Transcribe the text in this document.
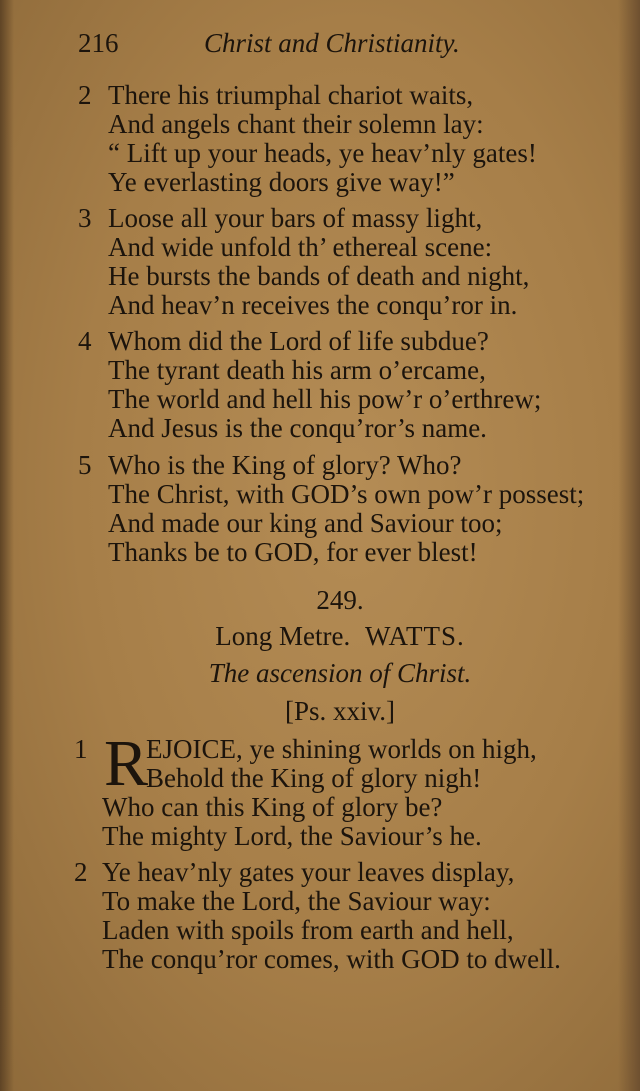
216	Christ and Christianity.
2 There his triumphal chariot waits,
And angels chant their solemn lay:
“ Lift up your heads, ye heav’nly gates!
Ye everlasting doors give way!”
3 Loose all your bars of massy light,
And wide unfold th’ ethereal scene:
He bursts the bands of death and night,
And heav’n receives the conqu’ror in.
4 Whom did the Lord of life subdue?
The tyrant death his arm o’ercame,
The world and hell his pow’r o’erthrew;
And Jesus is the conqu’ror’s name.
5 Who is the King of glory? Who?
The Christ, with GOD’s own pow’r possest;
And made our king and Saviour too;
Thanks be to GOD, for ever blest!
249.
Long Metre. WATTS.
The ascension of Christ.
[Ps. xxiv.]
1 EJOICE, ye shining worlds on high,
Behold the King of glory nigh!
Who can this King of glory be?
The mighty Lord, the Saviour’s he.
R
2 Ye heav’nly gates your leaves display,
To make the Lord, the Saviour way:
Laden with spoils from earth and hell,
The conqu’ror comes, with GOD to dwell.
